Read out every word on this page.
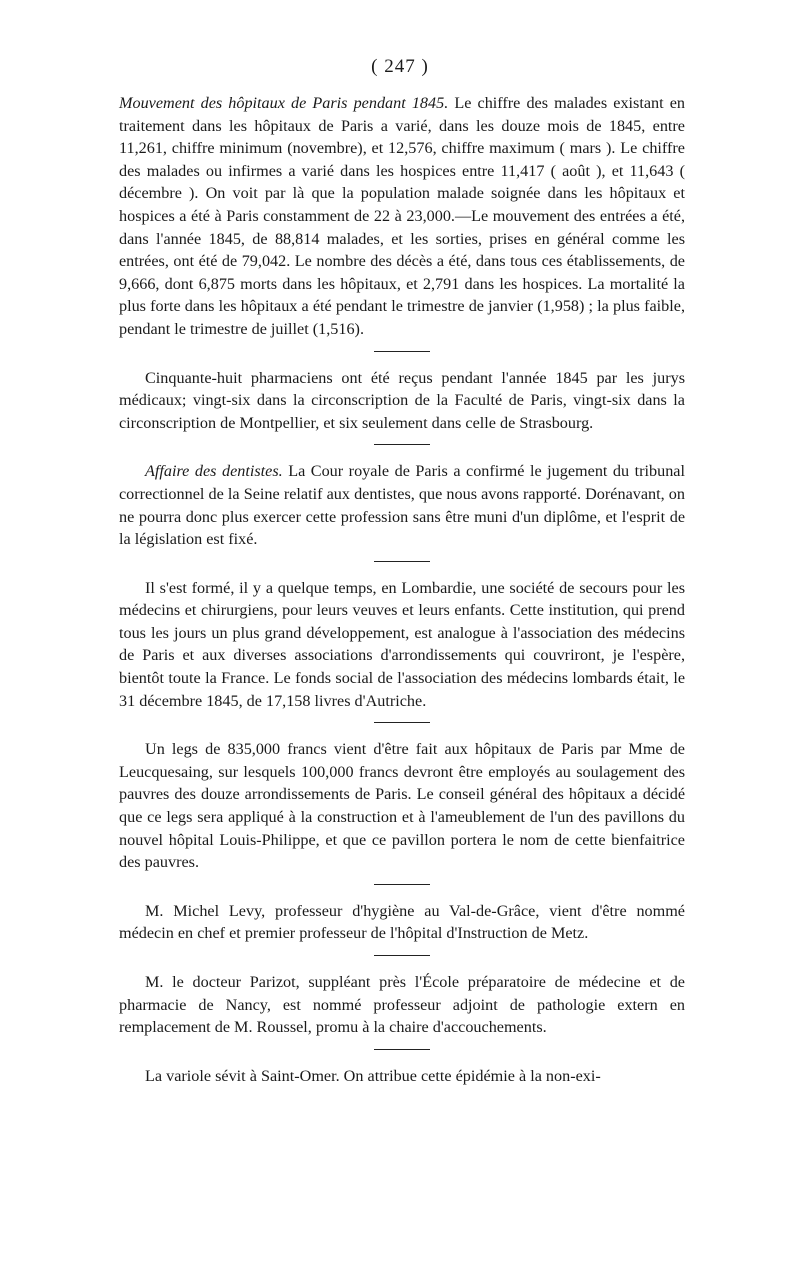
( 247 )

Mouvement des hôpitaux de Paris pendant 1845. Le chiffre des malades existant en traitement dans les hôpitaux de Paris a varié, dans les douze mois de 1845, entre 11,261, chiffre minimum (novembre), et 12,576, chiffre maximum ( mars ). Le chiffre des malades ou infirmes a varié dans les hospices entre 11,417 ( août ), et 11,643 ( décembre ). On voit par là que la population malade soignée dans les hôpitaux et hospices a été à Paris constamment de 22 à 23,000.—Le mouvement des entrées a été, dans l'année 1845, de 88,814 malades, et les sorties, prises en général comme les entrées, ont été de 79,042. Le nombre des décès a été, dans tous ces établissements, de 9,666, dont 6,875 morts dans les hôpitaux, et 2,791 dans les hospices. La mortalité la plus forte dans les hôpitaux a été pendant le trimestre de janvier (1,958) ; la plus faible, pendant le trimestre de juillet (1,516).

Cinquante-huit pharmaciens ont été reçus pendant l'année 1845 par les jurys médicaux; vingt-six dans la circonscription de la Faculté de Paris, vingt-six dans la circonscription de Montpellier, et six seulement dans celle de Strasbourg.

Affaire des dentistes. La Cour royale de Paris a confirmé le jugement du tribunal correctionnel de la Seine relatif aux dentistes, que nous avons rapporté. Dorénavant, on ne pourra donc plus exercer cette profession sans être muni d'un diplôme, et l'esprit de la législation est fixé.

Il s'est formé, il y a quelque temps, en Lombardie, une société de secours pour les médecins et chirurgiens, pour leurs veuves et leurs enfants. Cette institution, qui prend tous les jours un plus grand développement, est analogue à l'association des médecins de Paris et aux diverses associations d'arrondissements qui couvriront, je l'espère, bientôt toute la France. Le fonds social de l'association des médecins lombards était, le 31 décembre 1845, de 17,158 livres d'Autriche.

Un legs de 835,000 francs vient d'être fait aux hôpitaux de Paris par Mme de Leucquesaing, sur lesquels 100,000 francs devront être employés au soulagement des pauvres des douze arrondissements de Paris. Le conseil général des hôpitaux a décidé que ce legs sera appliqué à la construction et à l'ameublement de l'un des pavillons du nouvel hôpital Louis-Philippe, et que ce pavillon portera le nom de cette bienfaitrice des pauvres.

M. Michel Levy, professeur d'hygiène au Val-de-Grâce, vient d'être nommé médecin en chef et premier professeur de l'hôpital d'Instruction de Metz.

M. le docteur Parizot, suppléant près l'École préparatoire de médecine et de pharmacie de Nancy, est nommé professeur adjoint de pathologie extern en remplacement de M. Roussel, promu à la chaire d'accouchements.

La variole sévit à Saint-Omer. On attribue cette épidémie à la non-exi-
